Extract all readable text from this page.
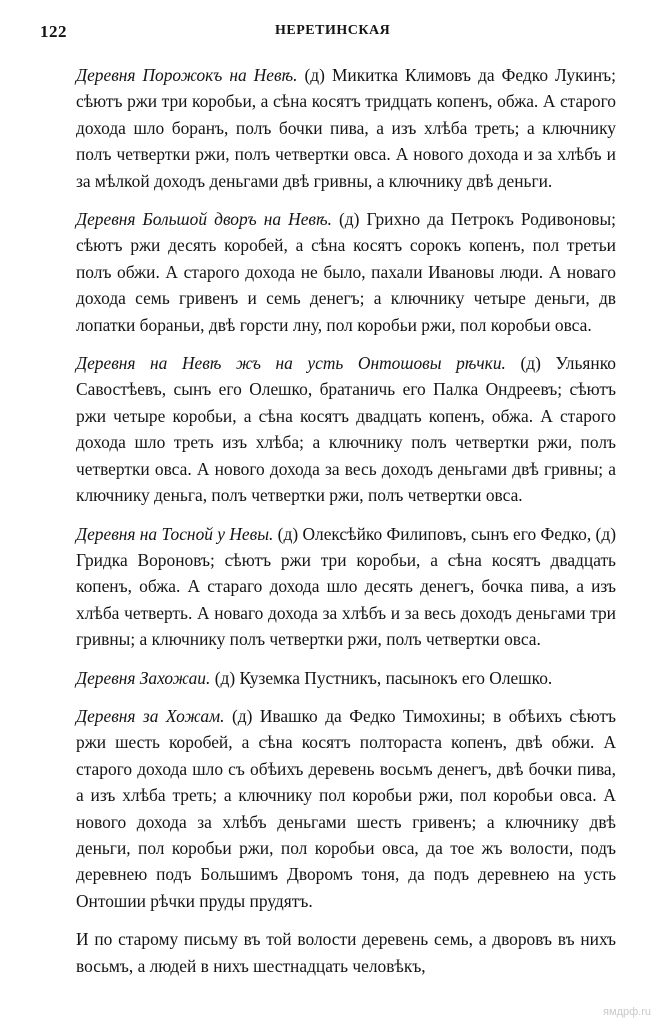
122	НЕРЕТИНСКАЯ

Деревня Порожокъ на Невѣ. (д) Микитка Климовъ да Федко Лукинъ; сѣютъ ржи три коробьи, а сѣна косятъ тридцать копенъ, обжа. А старого дохода шло боранъ, полъ бочки пива, а изъ хлѣба треть; а ключнику полъ четвертки ржи, полъ четвертки овса. А нового дохода и за хлѣбъ и за мѣлкой доходъ деньгами двѣ гривны, а ключнику двѣ деньги.

Деревня Большой дворъ на Невѣ. (д) Грихно да Петрокъ Родивоновы; сѣютъ ржи десять коробей, а сѣна косятъ сорокъ копенъ, пол третьи полъ обжи. А старого дохода не было, пахали Ивановы люди. А новаго дохода семь гривенъ и семь денегъ; а ключнику четыре деньги, дв лопатки бораньи, двѣ горсти лну, пол коробьи ржи, пол коробьи овса.

Деревня на Невѣ жъ на усть Онтошовы рѣчки. (д) Ульянко Савостѣевъ, сынъ его Олешко, братаничь его Палка Ондреевъ; сѣютъ ржи четыре коробьи, а сѣна косятъ двадцать копенъ, обжа. А старого дохода шло треть изъ хлѣба; а ключнику полъ четвертки ржи, полъ четвертки овса. А нового дохода за весь доходъ деньгами двѣ гривны; а ключнику деньга, полъ четвертки ржи, полъ четвертки овса.

Деревня на Тосной у Невы. (д) Олексѣйко Филиповъ, сынъ его Федко, (д) Гридка Вороновъ; сѣютъ ржи три коробьи, а сѣна косятъ двадцать копенъ, обжа. А стараго дохода шло десять денегъ, бочка пива, а изъ хлѣба четверть. А новаго дохода за хлѣбъ и за весь доходъ деньгами три гривны; а ключнику полъ четвертки ржи, полъ четвертки овса.

Деревня Захожаи. (д) Куземка Пустникъ, пасынокъ его Олешко.

Деревня за Хожам. (д) Ивашко да Федко Тимохины; в обѣихъ сѣютъ ржи шесть коробей, а сѣна косятъ полтораста копенъ, двѣ обжи. А старого дохода шло съ обѣихъ деревень восьмъ денегъ, двѣ бочки пива, а изъ хлѣба треть; а ключнику пол коробьи ржи, пол коробьи овса. А нового дохода за хлѣбъ деньгами шесть гривенъ; а ключнику двѣ деньги, пол коробьи ржи, пол коробьи овса, да тое жъ волости, подъ деревнею подъ Большимъ Дворомъ тоня, да подъ деревнею на усть Онтошии рѣчки пруды прудятъ.

И по старому письму въ той волости деревень семь, а дворовъ въ нихъ восьмъ, а людей в нихъ шестнадцать человѣкъ,

ямдрф.ru
